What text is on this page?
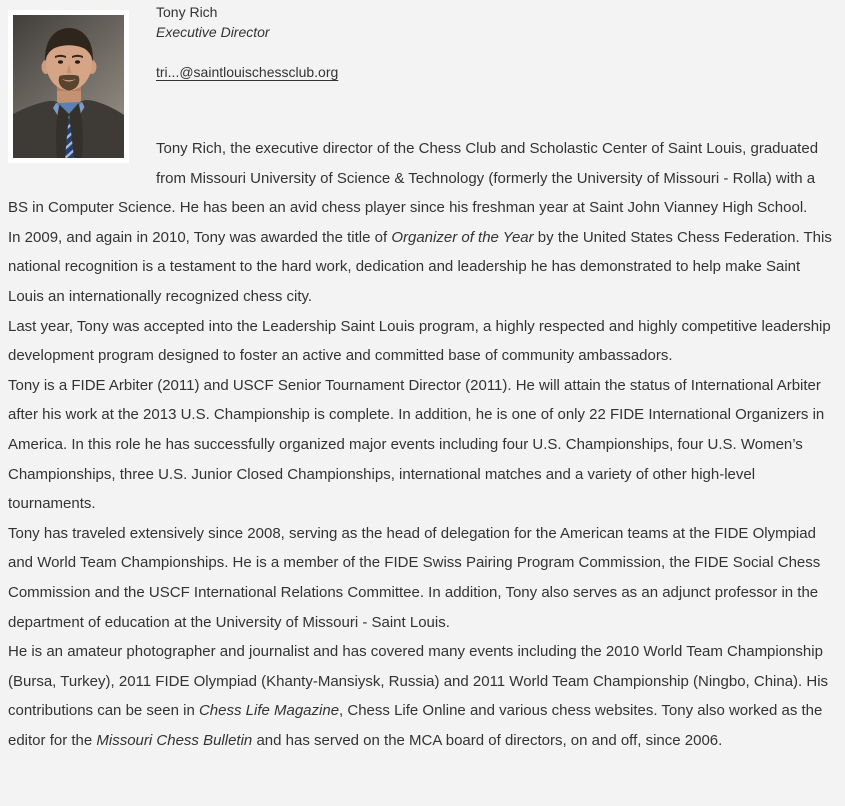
Tony Rich
Executive Director
tri...@saintlouischessclub.org

Tony Rich, the executive director of the Chess Club and Scholastic Center of Saint Louis, graduated from Missouri University of Science & Technology (formerly the University of Missouri - Rolla) with a BS in Computer Science. He has been an avid chess player since his freshman year at Saint John Vianney High School.

In 2009, and again in 2010, Tony was awarded the title of Organizer of the Year by the United States Chess Federation. This national recognition is a testament to the hard work, dedication and leadership he has demonstrated to help make Saint Louis an internationally recognized chess city.

Last year, Tony was accepted into the Leadership Saint Louis program, a highly respected and highly competitive leadership development program designed to foster an active and committed base of community ambassadors.

Tony is a FIDE Arbiter (2011) and USCF Senior Tournament Director (2011). He will attain the status of International Arbiter after his work at the 2013 U.S. Championship is complete. In addition, he is one of only 22 FIDE International Organizers in America. In this role he has successfully organized major events including four U.S. Championships, four U.S. Women’s Championships, three U.S. Junior Closed Championships, international matches and a variety of other high-level tournaments.

Tony has traveled extensively since 2008, serving as the head of delegation for the American teams at the FIDE Olympiad and World Team Championships. He is a member of the FIDE Swiss Pairing Program Commission, the FIDE Social Chess Commission and the USCF International Relations Committee. In addition, Tony also serves as an adjunct professor in the department of education at the University of Missouri - Saint Louis.

He is an amateur photographer and journalist and has covered many events including the 2010 World Team Championship (Bursa, Turkey), 2011 FIDE Olympiad (Khanty-Mansiysk, Russia) and 2011 World Team Championship (Ningbo, China). His contributions can be seen in Chess Life Magazine, Chess Life Online and various chess websites. Tony also worked as the editor for the Missouri Chess Bulletin and has served on the MCA board of directors, on and off, since 2006.
